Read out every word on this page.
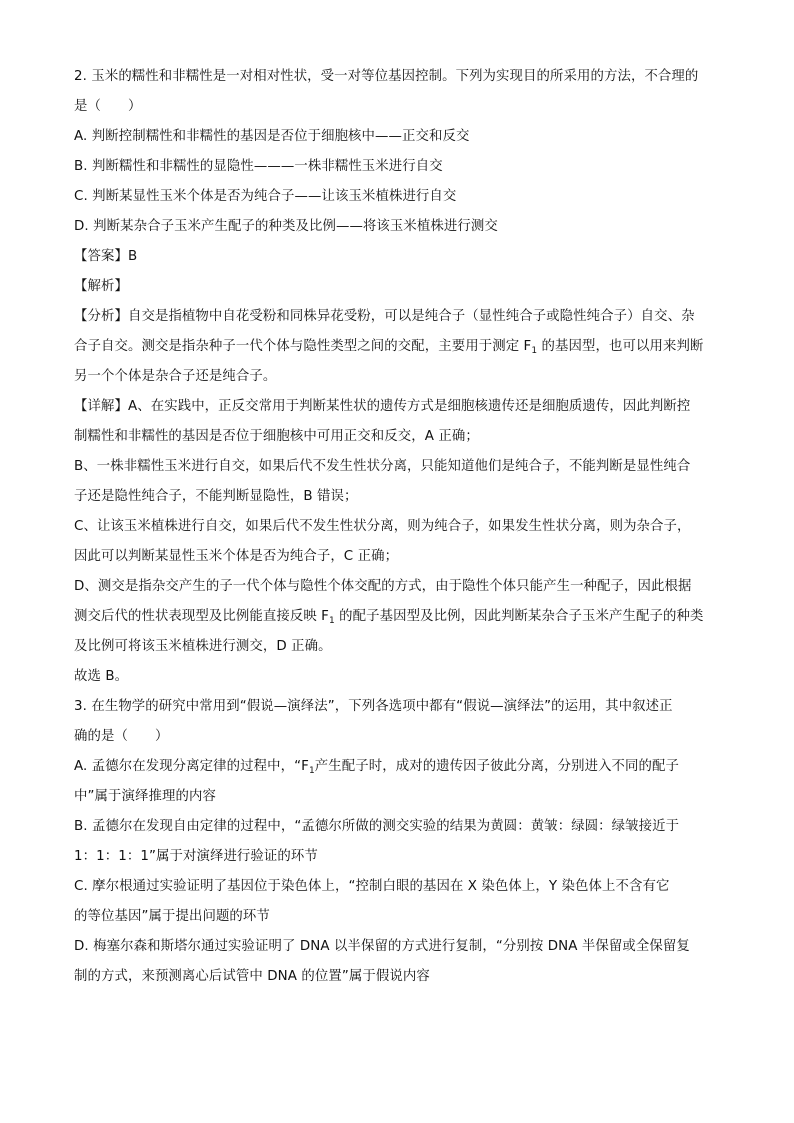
2. 玉米的糯性和非糯性是一对相对性状，受一对等位基因控制。下列为实现目的所采用的方法，不合理的
是（　　）
A. 判断控制糯性和非糯性的基因是否位于细胞核中——正交和反交
B. 判断糯性和非糯性的显隐性———一株非糯性玉米进行自交
C. 判断某显性玉米个体是否为纯合子——让该玉米植株进行自交
D. 判断某杂合子玉米产生配子的种类及比例——将该玉米植株进行测交
【答案】B
【解析】
【分析】自交是指植物中自花受粉和同株异花受粉，可以是纯合子（显性纯合子或隐性纯合子）自交、杂
合子自交。测交是指杂种子一代个体与隐性类型之间的交配，主要用于测定 $F_1$ 的基因型，也可以用来判断
另一个个体是杂合子还是纯合子。
【详解】A、在实践中，正反交常用于判断某性状的遗传方式是细胞核遗传还是细胞质遗传，因此判断控
制糯性和非糯性的基因是否位于细胞核中可用正交和反交，A 正确；
B、一株非糯性玉米进行自交，如果后代不发生性状分离，只能知道他们是纯合子，不能判断是显性纯合
子还是隐性纯合子，不能判断显隐性，B 错误；
C、让该玉米植株进行自交，如果后代不发生性状分离，则为纯合子，如果发生性状分离，则为杂合子，
因此可以判断某显性玉米个体是否为纯合子，C 正确；
D、测交是指杂交产生的子一代个体与隐性个体交配的方式，由于隐性个体只能产生一种配子，因此根据
测交后代的性状表现型及比例能直接反映 $F_1$ 的配子基因型及比例，因此判断某杂合子玉米产生配子的种类
及比例可将该玉米植株进行测交，D 正确。
故选 B。
3. 在生物学的研究中常用到“假说—演绎法”，下列各选项中都有“假说—演绎法”的运用，其中叙述正
确的是（　　）
A. 孟德尔在发现分离定律的过程中，“$F_1$产生配子时，成对的遗传因子彼此分离，分别进入不同的配子
中”属于演绎推理的内容
B. 孟德尔在发现自由定律的过程中，“孟德尔所做的测交实验的结果为黄圆：黄皱：绿圆：绿皱接近于
1：1：1：1”属于对演绎进行验证的环节
C. 摩尔根通过实验证明了基因位于染色体上，“控制白眼的基因在 X 染色体上，Y 染色体上不含有它
的等位基因”属于提出问题的环节
D. 梅塞尔森和斯塔尔通过实验证明了 DNA 以半保留的方式进行复制，“分别按 DNA 半保留或全保留复
制的方式，来预测离心后试管中 DNA 的位置”属于假说内容
